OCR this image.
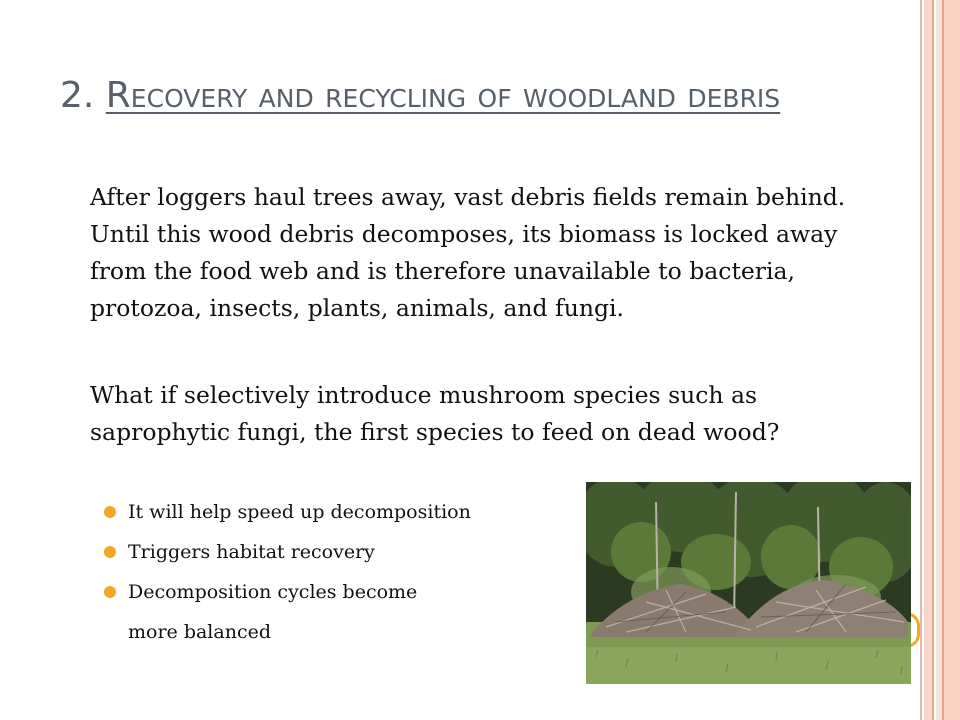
2. Recovery and recycling of woodland debris

After loggers haul trees away, vast debris fields remain behind. Until this wood debris decomposes, its biomass is locked away from the food web and is therefore unavailable to bacteria, protozoa, insects, plants, animals, and fungi.

What if selectively introduce mushroom species such as saprophytic fungi, the first species to feed on dead wood?

It will help speed up decomposition
Triggers habitat recovery
Decomposition cycles become
more balanced
